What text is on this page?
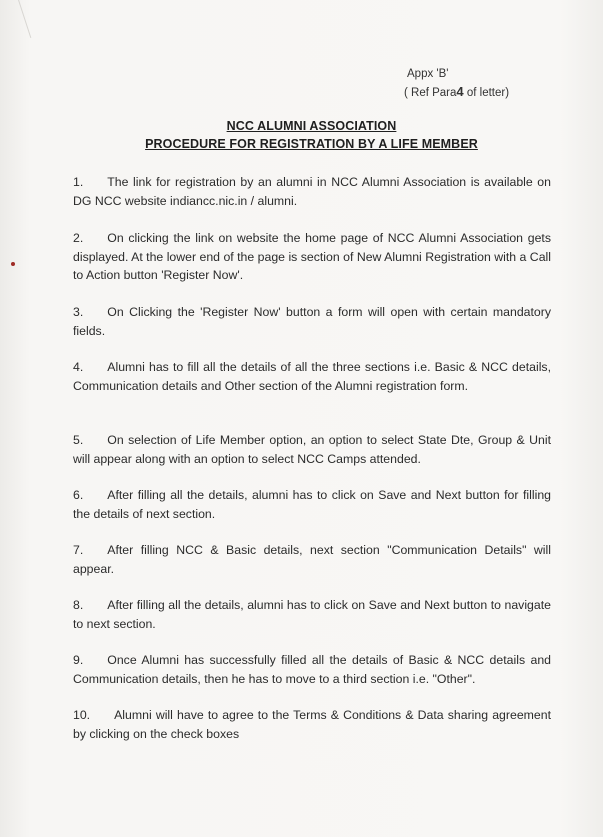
Appx 'B'
( Ref Para4 of letter)
NCC ALUMNI ASSOCIATION
PROCEDURE FOR REGISTRATION BY A LIFE MEMBER
1. The link for registration by an alumni in NCC Alumni Association is available on DG NCC website indiancc.nic.in / alumni.
2. On clicking the link on website the home page of NCC Alumni Association gets displayed. At the lower end of the page is section of New Alumni Registration with a Call to Action button 'Register Now'.
3. On Clicking the 'Register Now' button a form will open with certain mandatory fields.
4. Alumni has to fill all the details of all the three sections i.e. Basic & NCC details, Communication details and Other section of the Alumni registration form.
5. On selection of Life Member option, an option to select State Dte, Group & Unit will appear along with an option to select NCC Camps attended.
6. After filling all the details, alumni has to click on Save and Next button for filling the details of next section.
7. After filling NCC & Basic details, next section "Communication Details" will appear.
8. After filling all the details, alumni has to click on Save and Next button to navigate to next section.
9. Once Alumni has successfully filled all the details of Basic & NCC details and Communication details, then he has to move to a third section i.e. "Other".
10. Alumni will have to agree to the Terms & Conditions & Data sharing agreement by clicking on the check boxes
